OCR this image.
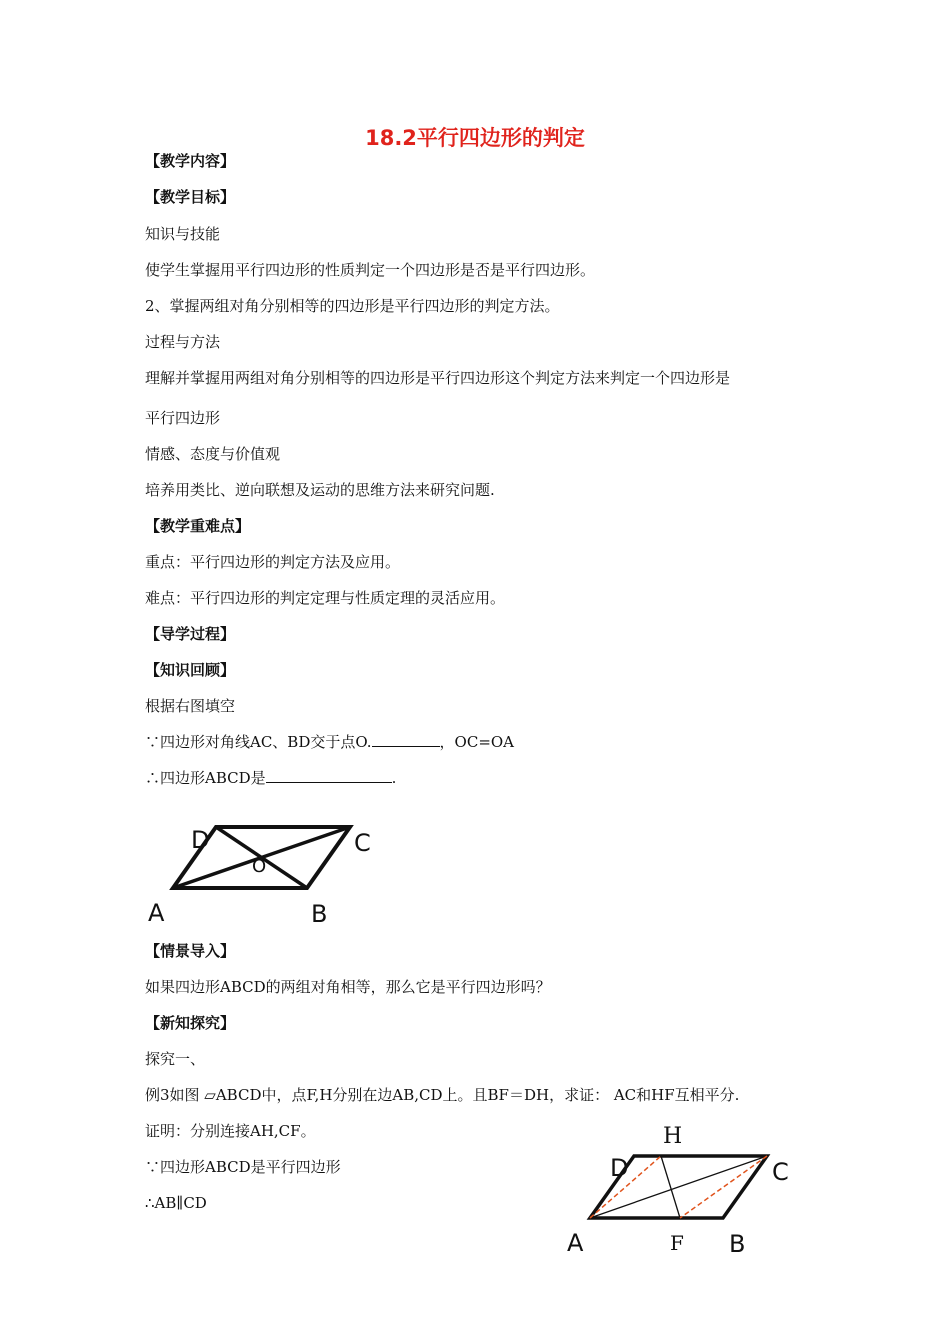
18.2平行四边形的判定
【教学内容】
【教学目标】
知识与技能
使学生掌握用平行四边形的性质判定一个四边形是否是平行四边形。
2、掌握两组对角分别相等的四边形是平行四边形的判定方法。
过程与方法
理解并掌握用两组对角分别相等的四边形是平行四边形这个判定方法来判定一个四边形是
平行四边形
情感、态度与价值观
培养用类比、逆向联想及运动的思维方法来研究问题.
【教学重难点】
重点：平行四边形的判定方法及应用。
难点：平行四边形的判定定理与性质定理的灵活应用。
【导学过程】
【知识回顾】
根据右图填空
∵四边形对角线AC、BD交于点O.	，OC=OA
∴四边形ABCD是	.
D	C
O
A	B
【情景导入】
如果四边形ABCD的两组对角相等，那么它是平行四边形吗？
【新知探究】
探究一、
例3如图 ▱ABCD中，点F,H分别在边AB,CD上。且BF＝DH，求证： AC和HF互相平分.
证明：分别连接AH,CF。
∵四边形ABCD是平行四边形
∴AB∥CD
H
D	C
A	F B
